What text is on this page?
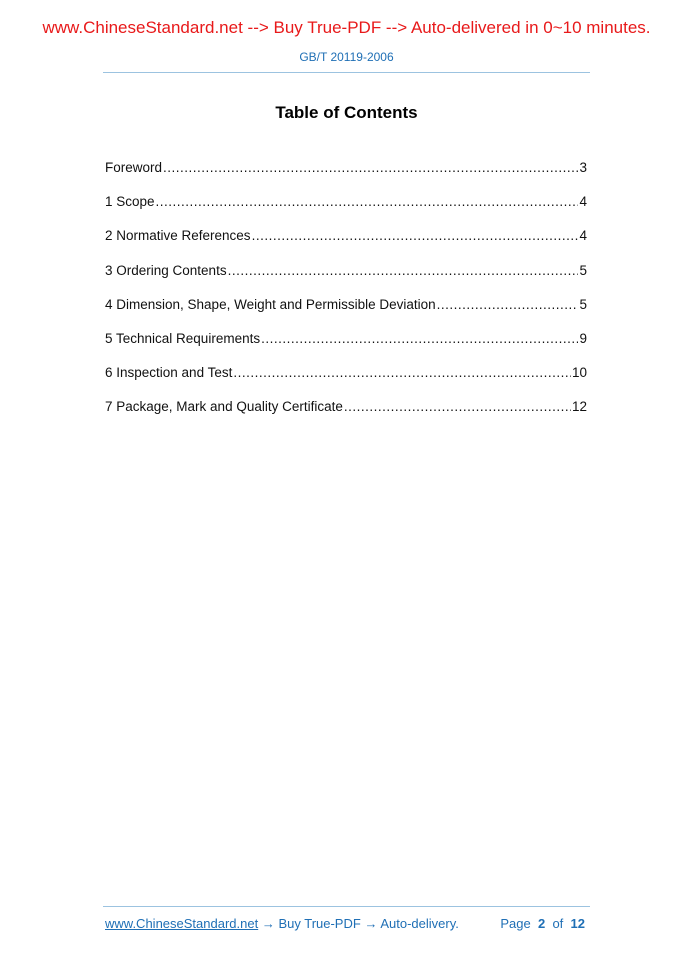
www.ChineseStandard.net --> Buy True-PDF --> Auto-delivered in 0~10 minutes.
GB/T 20119-2006
Table of Contents
Foreword .....	3
1 Scope .....	4
2 Normative References .....	4
3 Ordering Contents .....	5
4 Dimension, Shape, Weight and Permissible Deviation .....	5
5 Technical Requirements .....	9
6 Inspection and Test .....	10
7 Package, Mark and Quality Certificate .....	12
www.ChineseStandard.net → Buy True-PDF → Auto-delivery.	Page 2 of 12
